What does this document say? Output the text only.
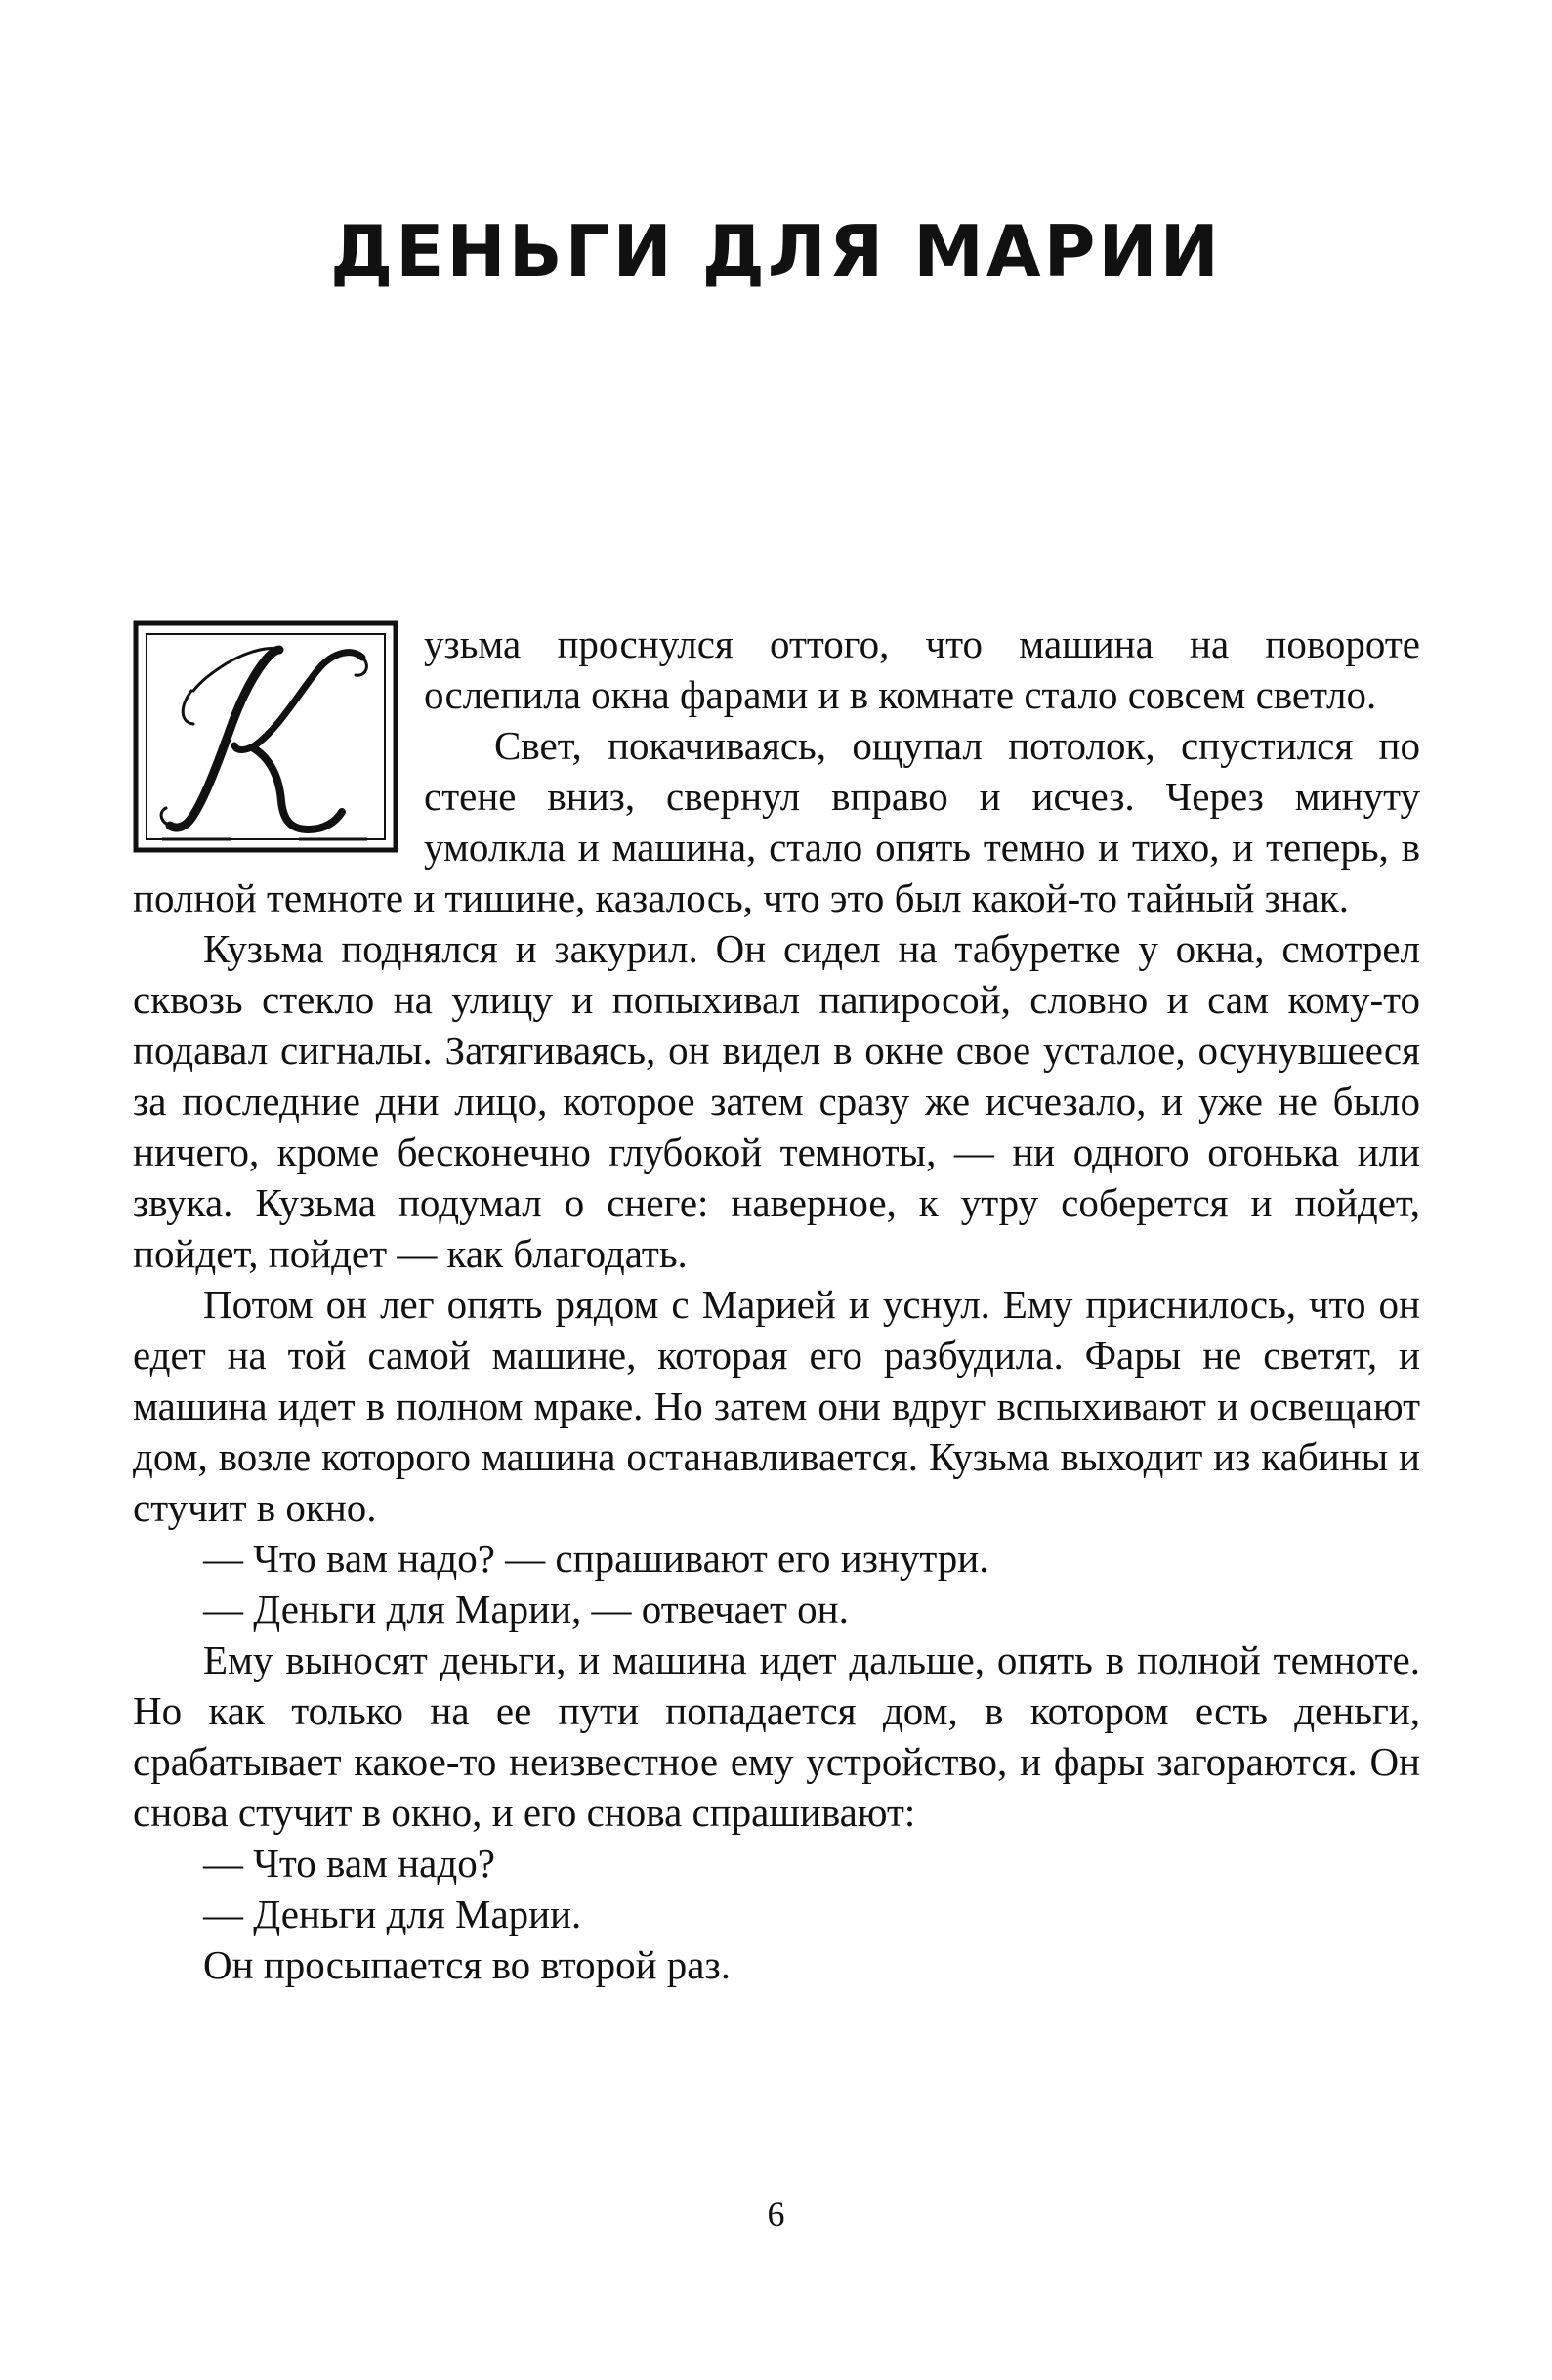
ДЕНЬГИ ДЛЯ МАРИИ

узьма проснулся оттого, что машина на повороте ослепила окна фарами и в комнате стало совсем светло.

Свет, покачиваясь, ощупал потолок, спустился по стене вниз, свернул вправо и исчез. Через минуту умолкла и машина, стало опять темно и тихо, и теперь, в полной темноте и тишине, казалось, что это был какой-то тайный знак.

Кузьма поднялся и закурил. Он сидел на табуретке у окна, смотрел сквозь стекло на улицу и попыхивал папиросой, словно и сам кому-то подавал сигналы. Затягиваясь, он видел в окне свое усталое, осунувшееся за последние дни лицо, которое затем сразу же исчезало, и уже не было ничего, кроме бесконечно глубокой темноты, — ни одного огонька или звука. Кузьма подумал о снеге: наверное, к утру соберется и пойдет, пойдет, пойдет — как благодать.

Потом он лег опять рядом с Марией и уснул. Ему приснилось, что он едет на той самой машине, которая его разбудила. Фары не светят, и машина идет в полном мраке. Но затем они вдруг вспыхивают и освещают дом, возле которого машина останавливается. Кузьма выходит из кабины и стучит в окно.

— Что вам надо? — спрашивают его изнутри.

— Деньги для Марии, — отвечает он.

Ему выносят деньги, и машина идет дальше, опять в полной темноте. Но как только на ее пути попадается дом, в котором есть деньги, срабатывает какое-то неизвестное ему устройство, и фары загораются. Он снова стучит в окно, и его снова спрашивают:

— Что вам надо?

— Деньги для Марии.

Он просыпается во второй раз.

6
